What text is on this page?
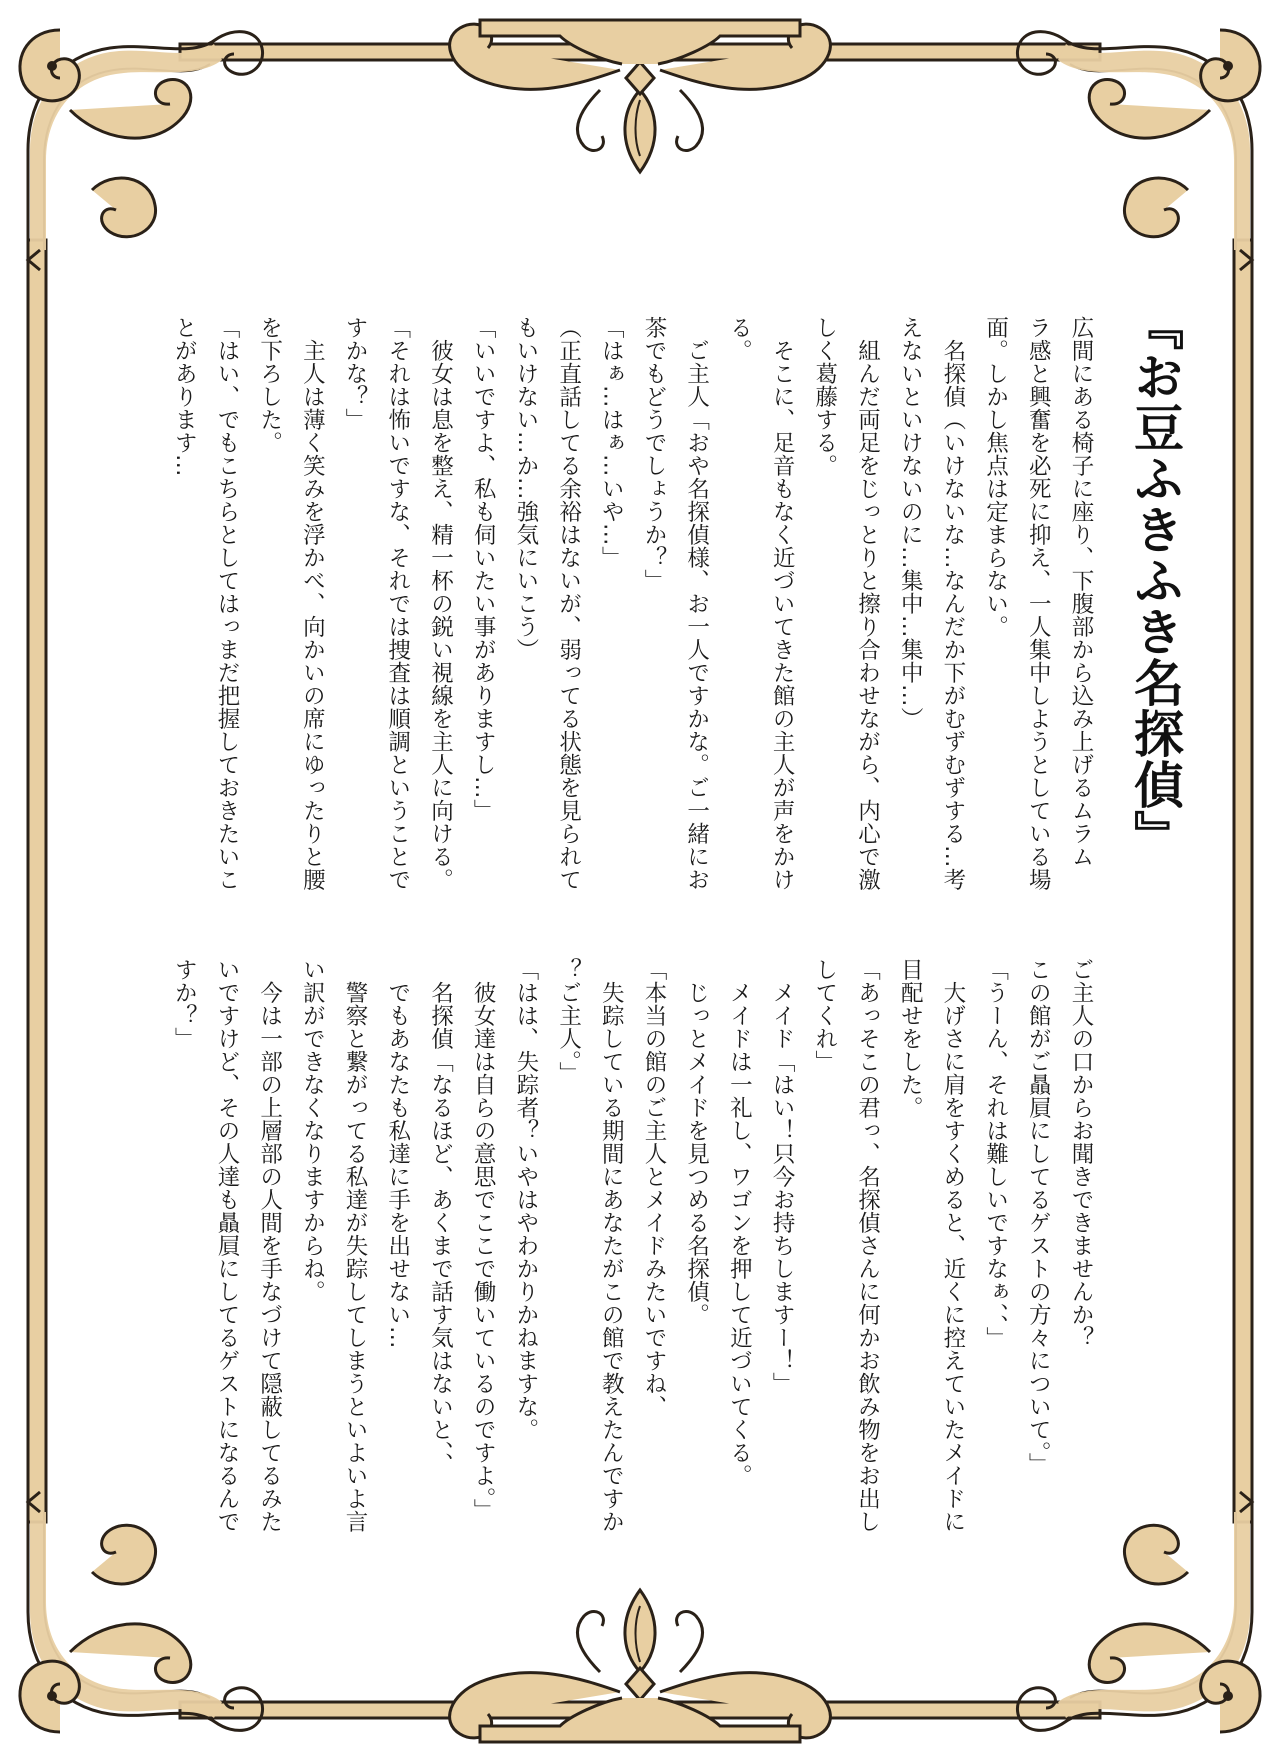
『お豆ふきふき名探偵』
広間にある椅子に座り、下腹部から込み上げるムラム
ラ感と興奮を必死に抑え、一人集中しようとしている場
面。しかし焦点は定まらない。
　名探偵（いけないな…なんだか下がむずむずする…考
えないといけないのに…集中…集中…）
　組んだ両足をじっとりと擦り合わせながら、内心で激
しく葛藤する。
　そこに、足音もなく近づいてきた館の主人が声をかけ
る。
　ご主人「おや名探偵様、お一人ですかな。ご一緒にお
茶でもどうでしょうか？」
「はぁ…はぁ…いや…」
（正直話してる余裕はないが、弱ってる状態を見られて
もいけない…か…強気にいこう）
「いいですよ、私も伺いたい事がありますし…」
　彼女は息を整え、精一杯の鋭い視線を主人に向ける。
「それは怖いですな、それでは捜査は順調ということで
すかな？」
　主人は薄く笑みを浮かべ、向かいの席にゆったりと腰
を下ろした。
「はい、でもこちらとしてはっまだ把握しておきたいこ
とがあります…
ご主人の口からお聞きできませんか？
この館がご贔屓にしてるゲストの方々について。」
「うーん、それは難しいですなぁ、、」
　大げさに肩をすくめると、近くに控えていたメイドに
目配せをした。
「あっそこの君っ、名探偵さんに何かお飲み物をお出し
してくれ」
　メイド「はい！只今お持ちしますー！」
　メイドは一礼し、ワゴンを押して近づいてくる。
　じっとメイドを見つめる名探偵。
「本当の館のご主人とメイドみたいですね、
　失踪している期間にあなたがこの館で教えたんですか
？ご主人。」
「はは、失踪者？いやはやわかりかねますな。
　彼女達は自らの意思でここで働いているのですよ。」
　名探偵「なるほど、あくまで話す気はないと、、
　でもあなたも私達に手を出せない…
　警察と繋がってる私達が失踪してしまうといよいよ言
い訳ができなくなりますからね。
　今は一部の上層部の人間を手なづけて隠蔽してるみた
いですけど、その人達も贔屓にしてるゲストになるんで
すか？」
